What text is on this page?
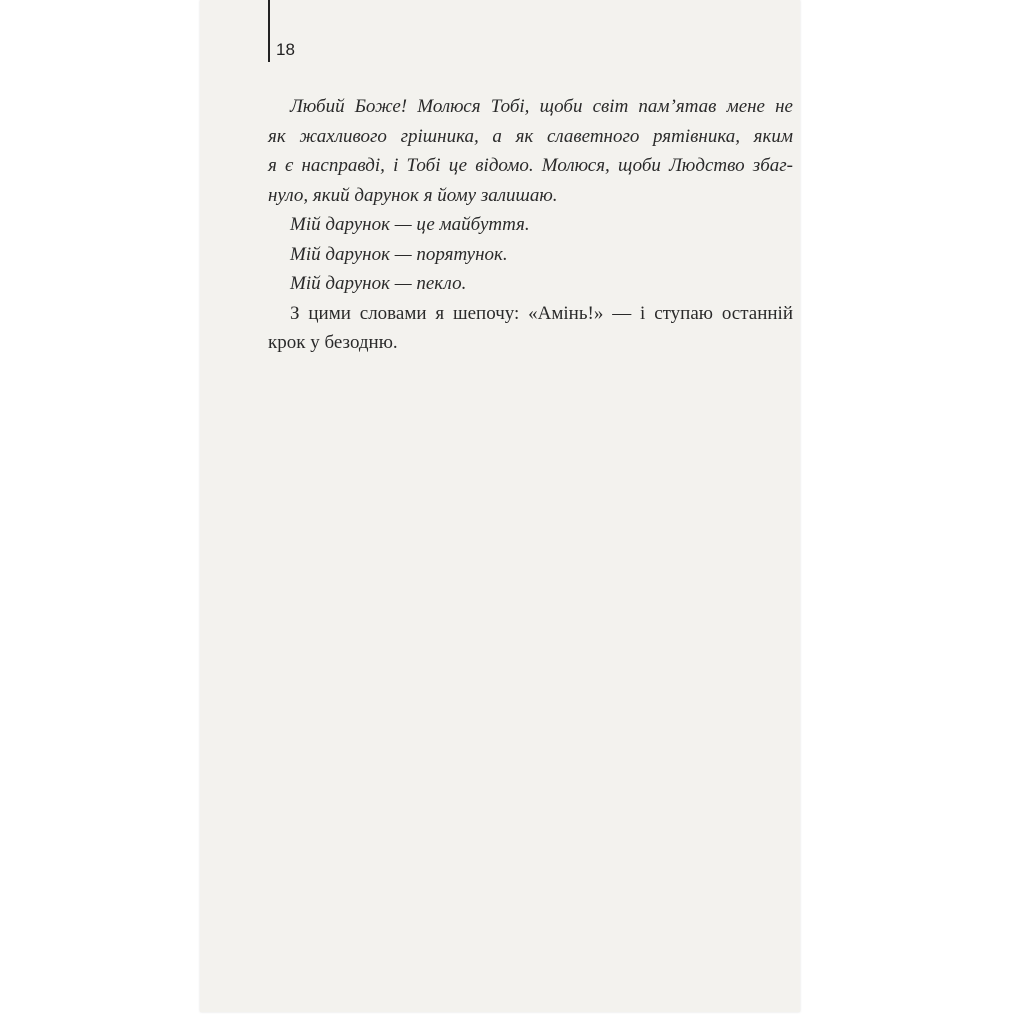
18
Любий Боже! Молюся Тобі, щоби світ пам’ятав мене не
як жахливого грішника, а як славетного рятівника, яким
я є насправді, і Тобі це відомо. Молюся, щоби Людство збаг-
нуло, який дарунок я йому залишаю.
Мій дарунок — це майбуття.
Мій дарунок — порятунок.
Мій дарунок — пекло.
З цими словами я шепочу: «Амінь!» — і ступаю останній
крок у безодню.
